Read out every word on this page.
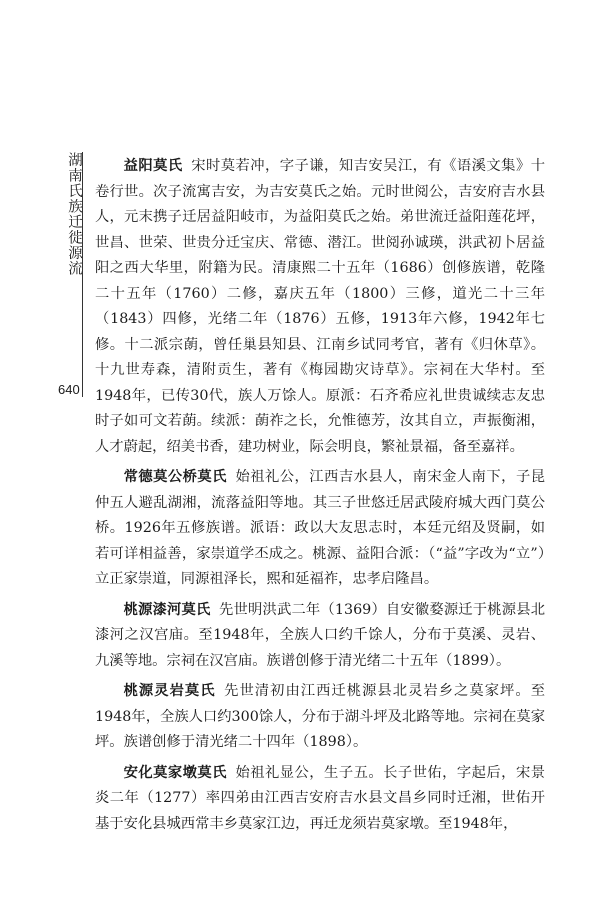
湖南氏族迁徙源流
640

益阳莫氏 宋时莫若冲，字子谦，知吉安吴江，有《语溪文集》十卷行世。次子流寓吉安，为吉安莫氏之始。元时世阅公，吉安府吉水县人，元末携子迁居益阳岐市，为益阳莫氏之始。弟世流迁益阳莲花坪，世昌、世荣、世贵分迁宝庆、常德、潜江。世阅孙诚瑛，洪武初卜居益阳之西大华里，附籍为民。清康熙二十五年（1686）创修族谱，乾隆二十五年（1760）二修，嘉庆五年（1800）三修，道光二十三年（1843）四修，光绪二年（1876）五修，1913年六修，1942年七修。十二派宗蓢，曾任巢县知县、江南乡试同考官，著有《归休草》。十九世寿森，清附贡生，著有《梅园勘灾诗草》。宗祠在大华村。至1948年，已传30代，族人万馀人。原派：石齐希应礼世贵诚续志友忠时子如可文若蓢。续派：蓢祚之长，允惟德芳，汝其自立，声振衡湘，人才蔚起，绍美书香，建功树业，际会明良，繁祉景福，备至嘉祥。

常德莫公桥莫氏 始祖礼公，江西吉水县人，南宋金人南下，子昆仲五人避乱湖湘，流落益阳等地。其三子世悠迁居武陵府城大西门莫公桥。1926年五修族谱。派语：政以大友思志时，本廷元绍及贤嗣，如若可详相益善，家崇道学丕成之。桃源、益阳合派：（“益”字改为“立”）立正家崇道，同源祖泽长，熙和延福祚，忠孝启隆昌。

桃源漆河莫氏 先世明洪武二年（1369）自安徽婺源迁于桃源县北漆河之汉宫庙。至1948年，全族人口约千馀人，分布于莫溪、灵岩、九溪等地。宗祠在汉宫庙。族谱创修于清光绪二十五年（1899）。

桃源灵岩莫氏 先世清初由江西迁桃源县北灵岩乡之莫家坪。至1948年，全族人口约300馀人，分布于湖斗坪及北路等地。宗祠在莫家坪。族谱创修于清光绪二十四年（1898）。

安化莫家墩莫氏 始祖礼显公，生子五。长子世佑，字起后，宋景炎二年（1277）率四弟由江西吉安府吉水县文昌乡同时迁湘，世佑开基于安化县城西常丰乡莫家江边，再迁龙须岩莫家墩。至1948年，
